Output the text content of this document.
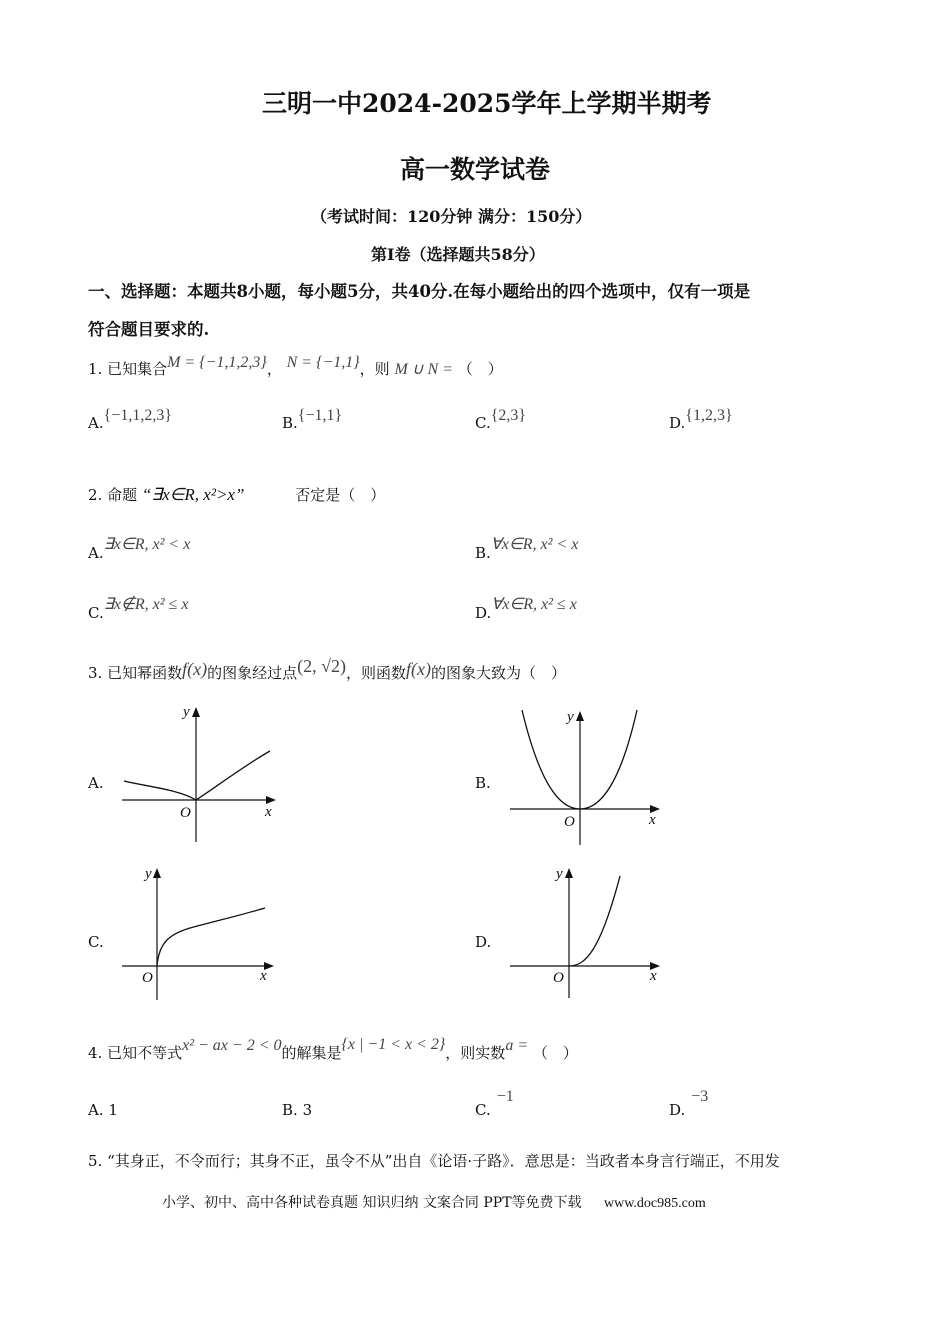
三明一中2024-2025学年上学期半期考
高一数学试卷
（考试时间：120分钟 满分：150分）
第I卷（选择题共58分）
一、选择题：本题共8小题，每小题5分，共40分.在每小题给出的四个选项中，仅有一项是
符合题目要求的.
1. 已知集合M = {−1,1,2,3}， N = {−1,1}，则 M ∪ N = （　）
A.{−1,1,2,3}	B.{−1,1}	C.{2,3}	D.{1,2,3}
2. 命题 “∃x∈R, x²>x”	否定是（　）
A.∃x∈R, x² < x	B.∀x∈R, x² < x
C.∃x∉R, x² ≤ x	D.∀x∈R, x² ≤ x
3. 已知幂函数f(x)的图象经过点(2, √2)，则函数f(x)的图象大致为（　）
A.	B.
C.	D.
y
x
O
y
x
O
y
x
O
y
x
O
4. 已知不等式x² − ax − 2 < 0的解集是{x | −1 < x < 2}，则实数a = （　）
A. 1	B. 3	C.−1
D.−3
5. “其身正，不令而行；其身不正，虽令不从”出自《论语·子路》．意思是：当政者本身言行端正，不用发
小学、初中、高中各种试卷真题 知识归纳 文案合同 PPT等免费下载 www.doc985.com
